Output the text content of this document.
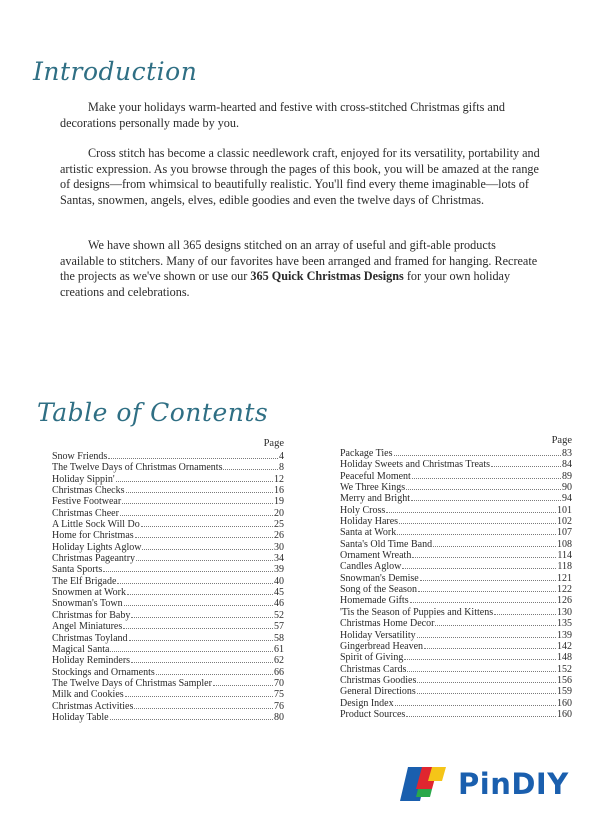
Introduction

Make your holidays warm-hearted and festive with cross-stitched Christmas gifts and decorations personally made by you.

Cross stitch has become a classic needlework craft, enjoyed for its versatility, portability and artistic expression. As you browse through the pages of this book, you will be amazed at the range of designs—from whimsical to beautifully realistic. You'll find every theme imaginable—lots of Santas, snowmen, angels, elves, edible goodies and even the twelve days of Christmas.

We have shown all 365 designs stitched on an array of useful and gift-able products available to stitchers. Many of our favorites have been arranged and framed for hanging. Recreate the projects as we've shown or use our 365 Quick Christmas Designs for your own holiday creations and celebrations.

Table of Contents
Page
Snow Friends	4
The Twelve Days of Christmas Ornaments	8
Holiday Sippin'	12
Christmas Checks	16
Festive Footwear	19
Christmas Cheer	20
A Little Sock Will Do	25
Home for Christmas	26
Holiday Lights Aglow	30
Christmas Pageantry	34
Santa Sports	39
The Elf Brigade	40
Snowmen at Work	45
Snowman's Town	46
Christmas for Baby	52
Angel Miniatures	57
Christmas Toyland	58
Magical Santa	61
Holiday Reminders	62
Stockings and Ornaments	66
The Twelve Days of Christmas Sampler	70
Milk and Cookies	75
Christmas Activities	76
Holiday Table	80
Page
Package Ties	83
Holiday Sweets and Christmas Treats	84
Peaceful Moment	89
We Three Kings	90
Merry and Bright	94
Holy Cross	101
Holiday Hares	102
Santa at Work	107
Santa's Old Time Band	108
Ornament Wreath	114
Candles Aglow	118
Snowman's Demise	121
Song of the Season	122
Homemade Gifts	126
'Tis the Season of Puppies and Kittens	130
Christmas Home Decor	135
Holiday Versatility	139
Gingerbread Heaven	142
Spirit of Giving	148
Christmas Cards	152
Christmas Goodies	156
General Directions	159
Design Index	160
Product Sources	160
PinDIY
